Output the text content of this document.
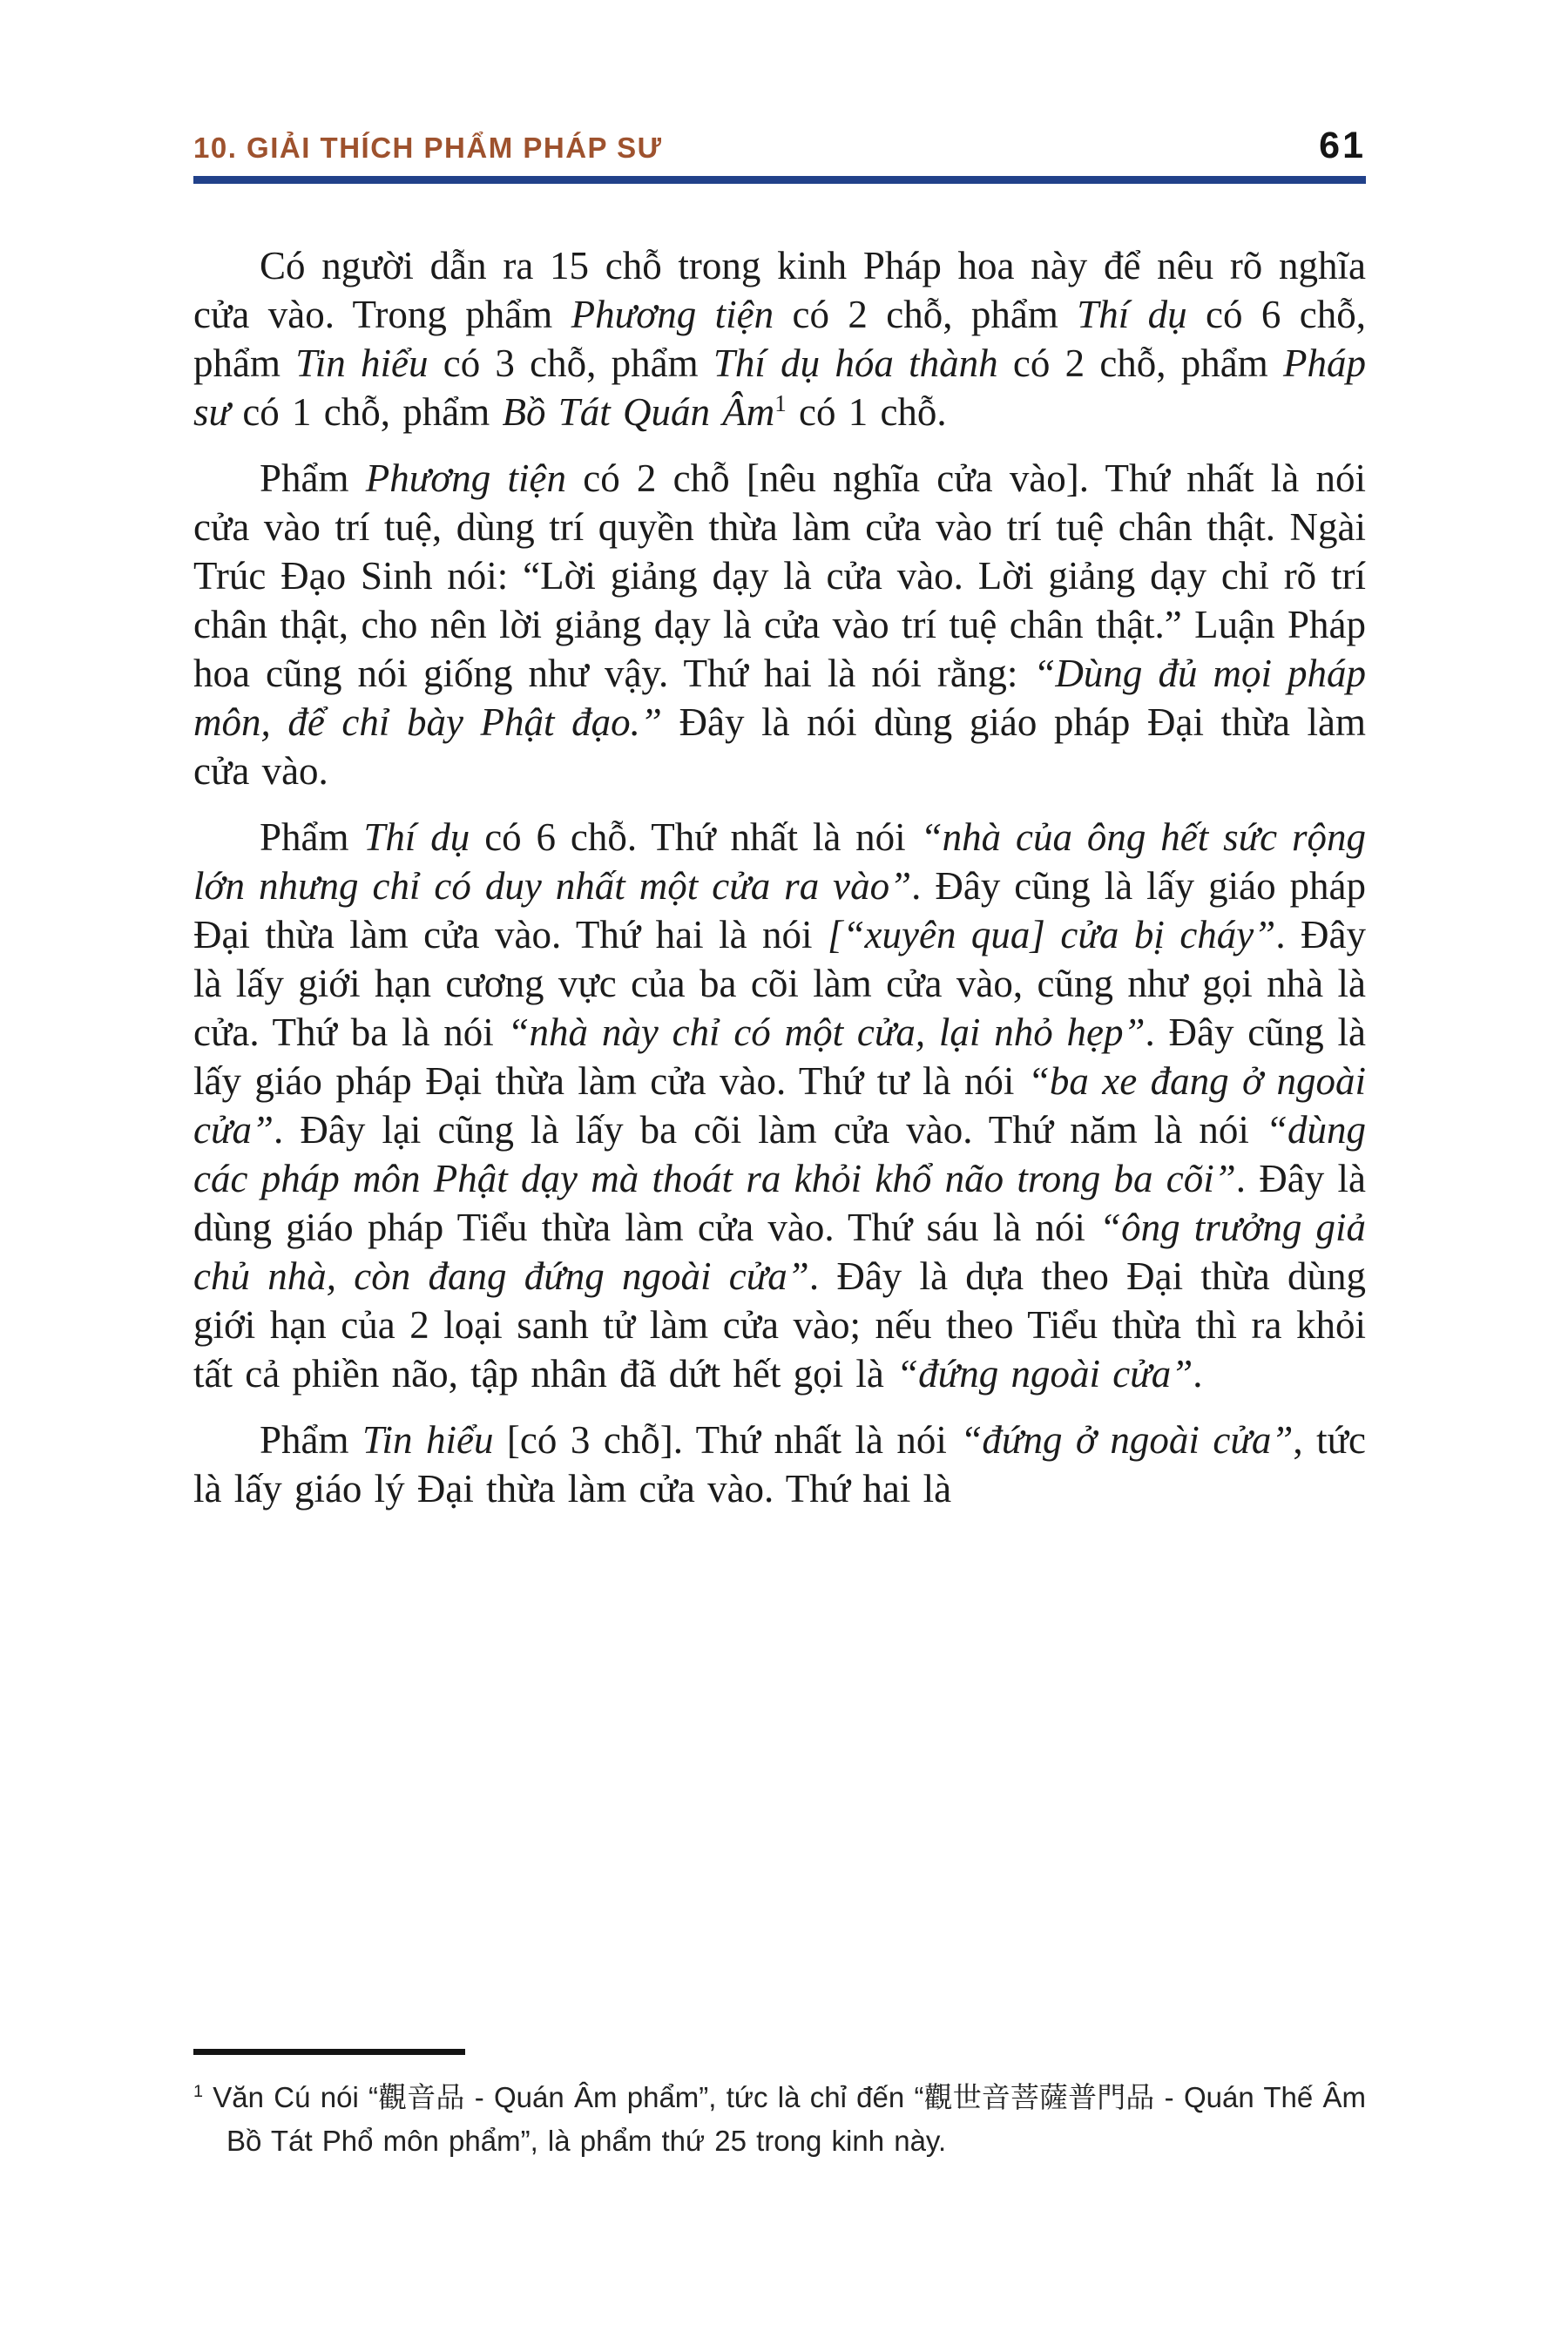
10. GIẢI THÍCH PHẨM PHÁP SƯ	61

Có người dẫn ra 15 chỗ trong kinh Pháp hoa này để nêu rõ nghĩa cửa vào. Trong phẩm Phương tiện có 2 chỗ, phẩm Thí dụ có 6 chỗ, phẩm Tin hiểu có 3 chỗ, phẩm Thí dụ hóa thành có 2 chỗ, phẩm Pháp sư có 1 chỗ, phẩm Bồ Tát Quán Âm$^1$ có 1 chỗ.

Phẩm Phương tiện có 2 chỗ [nêu nghĩa cửa vào]. Thứ nhất là nói cửa vào trí tuệ, dùng trí quyền thừa làm cửa vào trí tuệ chân thật. Ngài Trúc Đạo Sinh nói: “Lời giảng dạy là cửa vào. Lời giảng dạy chỉ rõ trí chân thật, cho nên lời giảng dạy là cửa vào trí tuệ chân thật.” Luận Pháp hoa cũng nói giống như vậy. Thứ hai là nói rằng: “Dùng đủ mọi pháp môn, để chỉ bày Phật đạo.” Đây là nói dùng giáo pháp Đại thừa làm cửa vào.

Phẩm Thí dụ có 6 chỗ. Thứ nhất là nói “nhà của ông hết sức rộng lớn nhưng chỉ có duy nhất một cửa ra vào”. Đây cũng là lấy giáo pháp Đại thừa làm cửa vào. Thứ hai là nói [“xuyên qua] cửa bị cháy”. Đây là lấy giới hạn cương vực của ba cõi làm cửa vào, cũng như gọi nhà là cửa. Thứ ba là nói “nhà này chỉ có một cửa, lại nhỏ hẹp”. Đây cũng là lấy giáo pháp Đại thừa làm cửa vào. Thứ tư là nói “ba xe đang ở ngoài cửa”. Đây lại cũng là lấy ba cõi làm cửa vào. Thứ năm là nói “dùng các pháp môn Phật dạy mà thoát ra khỏi khổ não trong ba cõi”. Đây là dùng giáo pháp Tiểu thừa làm cửa vào. Thứ sáu là nói “ông trưởng giả chủ nhà, còn đang đứng ngoài cửa”. Đây là dựa theo Đại thừa dùng giới hạn của 2 loại sanh tử làm cửa vào; nếu theo Tiểu thừa thì ra khỏi tất cả phiền não, tập nhân đã dứt hết gọi là “đứng ngoài cửa”.

Phẩm Tin hiểu [có 3 chỗ]. Thứ nhất là nói “đứng ở ngoài cửa”, tức là lấy giáo lý Đại thừa làm cửa vào. Thứ hai là

$^1$ Văn Cú nói “觀音品 - Quán Âm phẩm”, tức là chỉ đến “觀世音菩薩普門品 - Quán Thế Âm Bồ Tát Phổ môn phẩm”, là phẩm thứ 25 trong kinh này.
